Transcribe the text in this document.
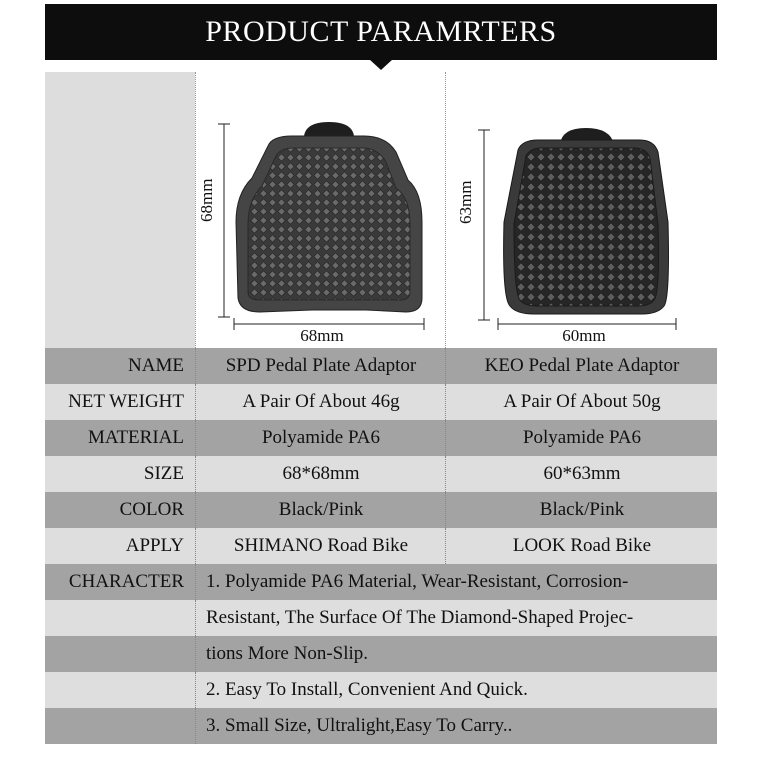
PRODUCT PARAMRTERS
68mm
68mm
63mm
60mm
NAME	SPD Pedal Plate Adaptor	KEO Pedal Plate Adaptor
NET WEIGHT	A Pair Of About 46g	A Pair Of About 50g
MATERIAL	Polyamide PA6	Polyamide PA6
SIZE	68*68mm	60*63mm
COLOR	Black/Pink	Black/Pink
APPLY	SHIMANO Road Bike	LOOK Road Bike
CHARACTER	1. Polyamide PA6 Material, Wear-Resistant, Corrosion-
Resistant, The Surface Of The Diamond-Shaped Projec-
tions More Non-Slip.
2. Easy To Install, Convenient And Quick.
3. Small Size, Ultralight,Easy To Carry..
